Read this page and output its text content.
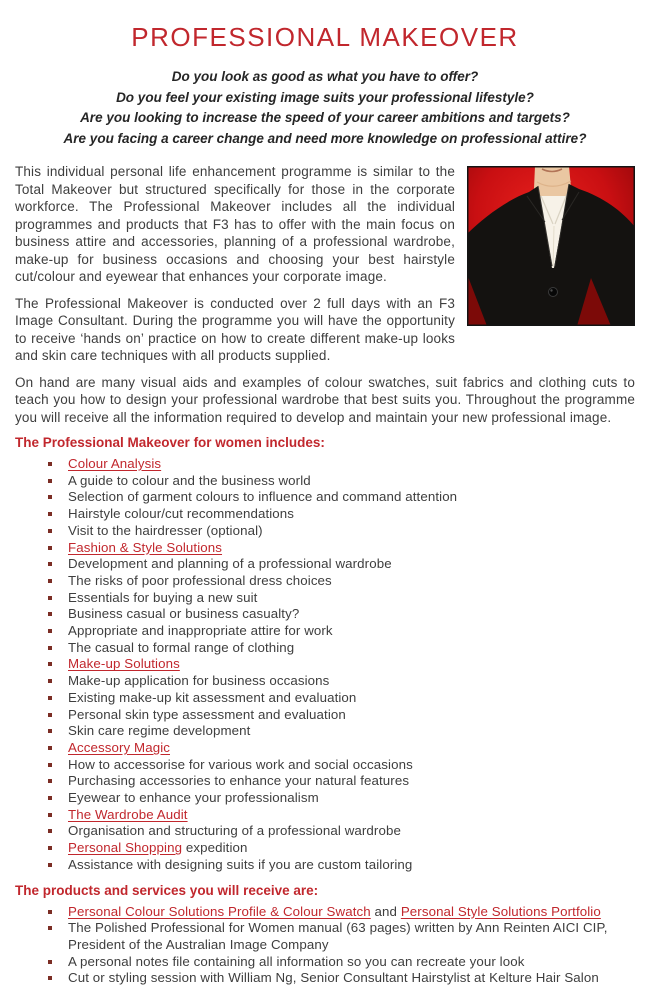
PROFESSIONAL MAKEOVER
Do you look as good as what you have to offer?
Do you feel your existing image suits your professional lifestyle?
Are you looking to increase the speed of your career ambitions and targets?
Are you facing a career change and need more knowledge on professional attire?

This individual personal life enhancement programme is similar to the Total Makeover but structured specifically for those in the corporate workforce. The Professional Makeover includes all the individual programmes and products that F3 has to offer with the main focus on business attire and accessories, planning of a professional wardrobe, make-up for business occasions and choosing your best hairstyle cut/colour and eyewear that enhances your corporate image.

The Professional Makeover is conducted over 2 full days with an F3 Image Consultant. During the programme you will have the opportunity to receive ‘hands on’ practice on how to create different make-up looks and skin care techniques with all products supplied.

On hand are many visual aids and examples of colour swatches, suit fabrics and clothing cuts to teach you how to design your professional wardrobe that best suits you. Throughout the programme you will receive all the information required to develop and maintain your new professional image.

The Professional Makeover for women includes:
Colour Analysis
A guide to colour and the business world
Selection of garment colours to influence and command attention
Hairstyle colour/cut recommendations
Visit to the hairdresser (optional)
Fashion & Style Solutions
Development and planning of a professional wardrobe
The risks of poor professional dress choices
Essentials for buying a new suit
Business casual or business casualty?
Appropriate and inappropriate attire for work
The casual to formal range of clothing
Make-up Solutions
Make-up application for business occasions
Existing make-up kit assessment and evaluation
Personal skin type assessment and evaluation
Skin care regime development
Accessory Magic
How to accessorise for various work and social occasions
Purchasing accessories to enhance your natural features
Eyewear to enhance your professionalism
The Wardrobe Audit
Organisation and structuring of a professional wardrobe
Personal Shopping expedition
Assistance with designing suits if you are custom tailoring
The products and services you will receive are:
Personal Colour Solutions Profile & Colour Swatch and Personal Style Solutions Portfolio
The Polished Professional for Women manual (63 pages) written by Ann Reinten AICI CIP, President of the Australian Image Company
A personal notes file containing all information so you can recreate your look
Cut or styling session with William Ng, Senior Consultant Hairstylist at Kelture Hair Salon
